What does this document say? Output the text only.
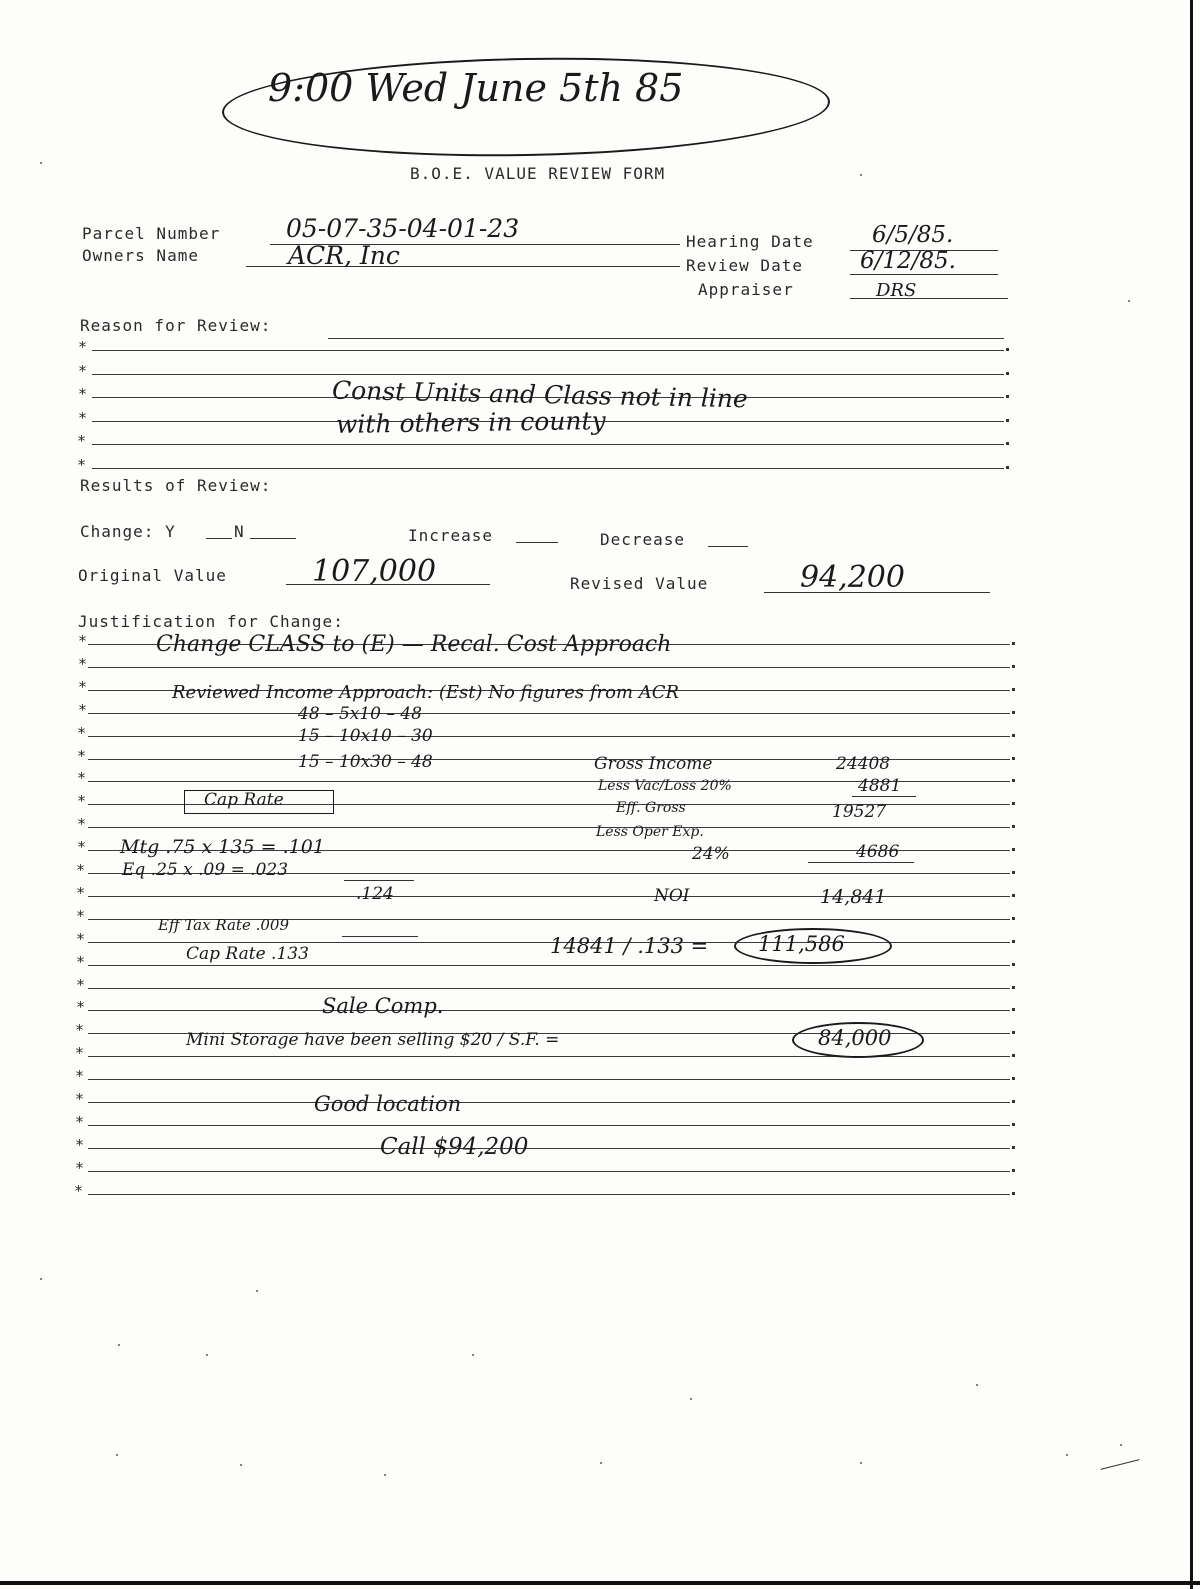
9:00 Wed June 5th 85
B.O.E. VALUE REVIEW FORM
Parcel Number	05-07-35-04-01-23
Owners Name	ACR, Inc	Hearing Date	6/5/85.
Review Date 6/12/85.
Appraiser	DRS
Reason for Review:
*
*
*
*
*
*
Const Units and Class not in line
with others in county
Results of Review:
Change: Y	N	Increase	Decrease
Original Value	107,000	Revised Value	94,200
Justification for Change:
*
*
*
*
*
*
*
*
*
*
*
*
*
*
*
*
*
*
*
*
*
*
*
*
*
Change CLASS to (E) — Recal. Cost Approach
Reviewed Income Approach: (Est) No figures from ACR
48 – 5x10 – 48
15 – 10x10 – 30
15 – 10x30 – 48	Gross Income	24408
Less Vac/Loss 20%	4881
Eff. Gross	19527
Less Oper Exp.
24%	4686
NOI	14,841
Cap Rate
Mtg .75 x 135 = .101
Eq .25 x .09 = .023
.124
Eff Tax Rate .009
Cap Rate .133	14841 / .133 = 111,586
Sale Comp.
Mini Storage have been selling $20 / S.F. =	84,000
Good location
Call $94,200
